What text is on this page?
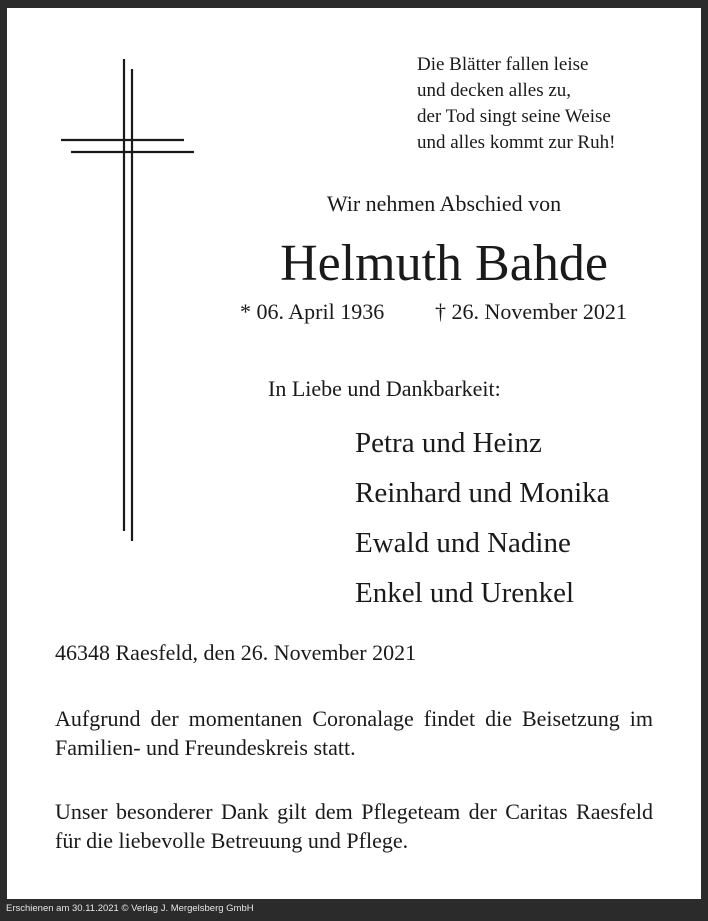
Die Blätter fallen leise
und decken alles zu,
der Tod singt seine Weise
und alles kommt zur Ruh!
Wir nehmen Abschied von
Helmuth Bahde
* 06. April 1936 † 26. November 2021
In Liebe und Dankbarkeit:
Petra und Heinz
Reinhard und Monika
Ewald und Nadine
Enkel und Urenkel
46348 Raesfeld, den 26. November 2021

Aufgrund der momentanen Coronalage findet die Beisetzung im Familien- und Freundeskreis statt.

Unser besonderer Dank gilt dem Pflegeteam der Caritas Raesfeld für die liebevolle Betreuung und Pflege.

Erschienen am 30.11.2021 © Verlag J. Mergelsberg GmbH
